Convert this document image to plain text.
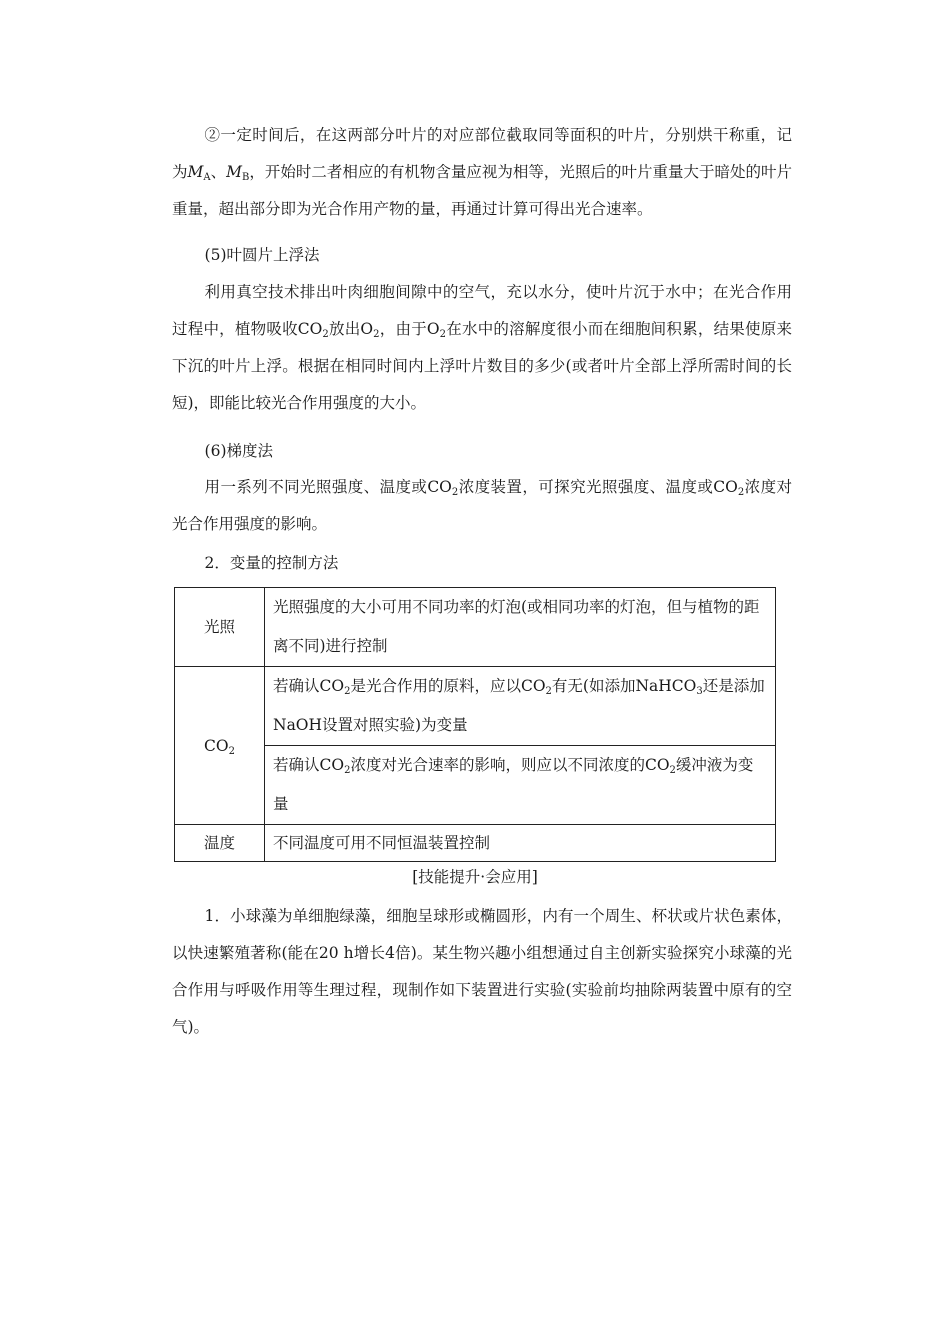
②一定时间后，在这两部分叶片的对应部位截取同等面积的叶片，分别烘干称重，记为$M_A$、$M_B$，开始时二者相应的有机物含量应视为相等，光照后的叶片重量大于暗处的叶片重量，超出部分即为光合作用产物的量，再通过计算可得出光合速率。

(5)叶圆片上浮法

利用真空技术排出叶肉细胞间隙中的空气，充以水分，使叶片沉于水中；在光合作用过程中，植物吸收$CO_2$放出$O_2$，由于$O_2$在水中的溶解度很小而在细胞间积累，结果使原来下沉的叶片上浮。根据在相同时间内上浮叶片数目的多少(或者叶片全部上浮所需时间的长短)，即能比较光合作用强度的大小。

(6)梯度法

用一系列不同光照强度、温度或$CO_2$浓度装置，可探究光照强度、温度或$CO_2$浓度对光合作用强度的影响。

2．变量的控制方法

光照	光照强度的大小可用不同功率的灯泡(或相同功率的灯泡，但与植物的距离不同)进行控制
$CO_2$	若确认$CO_2$是光合作用的原料，应以$CO_2$有无(如添加NaHCO$_3$还是添加NaOH设置对照实验)为变量
	若确认$CO_2$浓度对光合速率的影响，则应以不同浓度的$CO_2$缓冲液为变量
温度	不同温度可用不同恒温装置控制
[技能提升·会应用]

1．小球藻为单细胞绿藻，细胞呈球形或椭圆形，内有一个周生、杯状或片状色素体，以快速繁殖著称(能在20 h增长4倍)。某生物兴趣小组想通过自主创新实验探究小球藻的光合作用与呼吸作用等生理过程，现制作如下装置进行实验(实验前均抽除两装置中原有的空气)。
